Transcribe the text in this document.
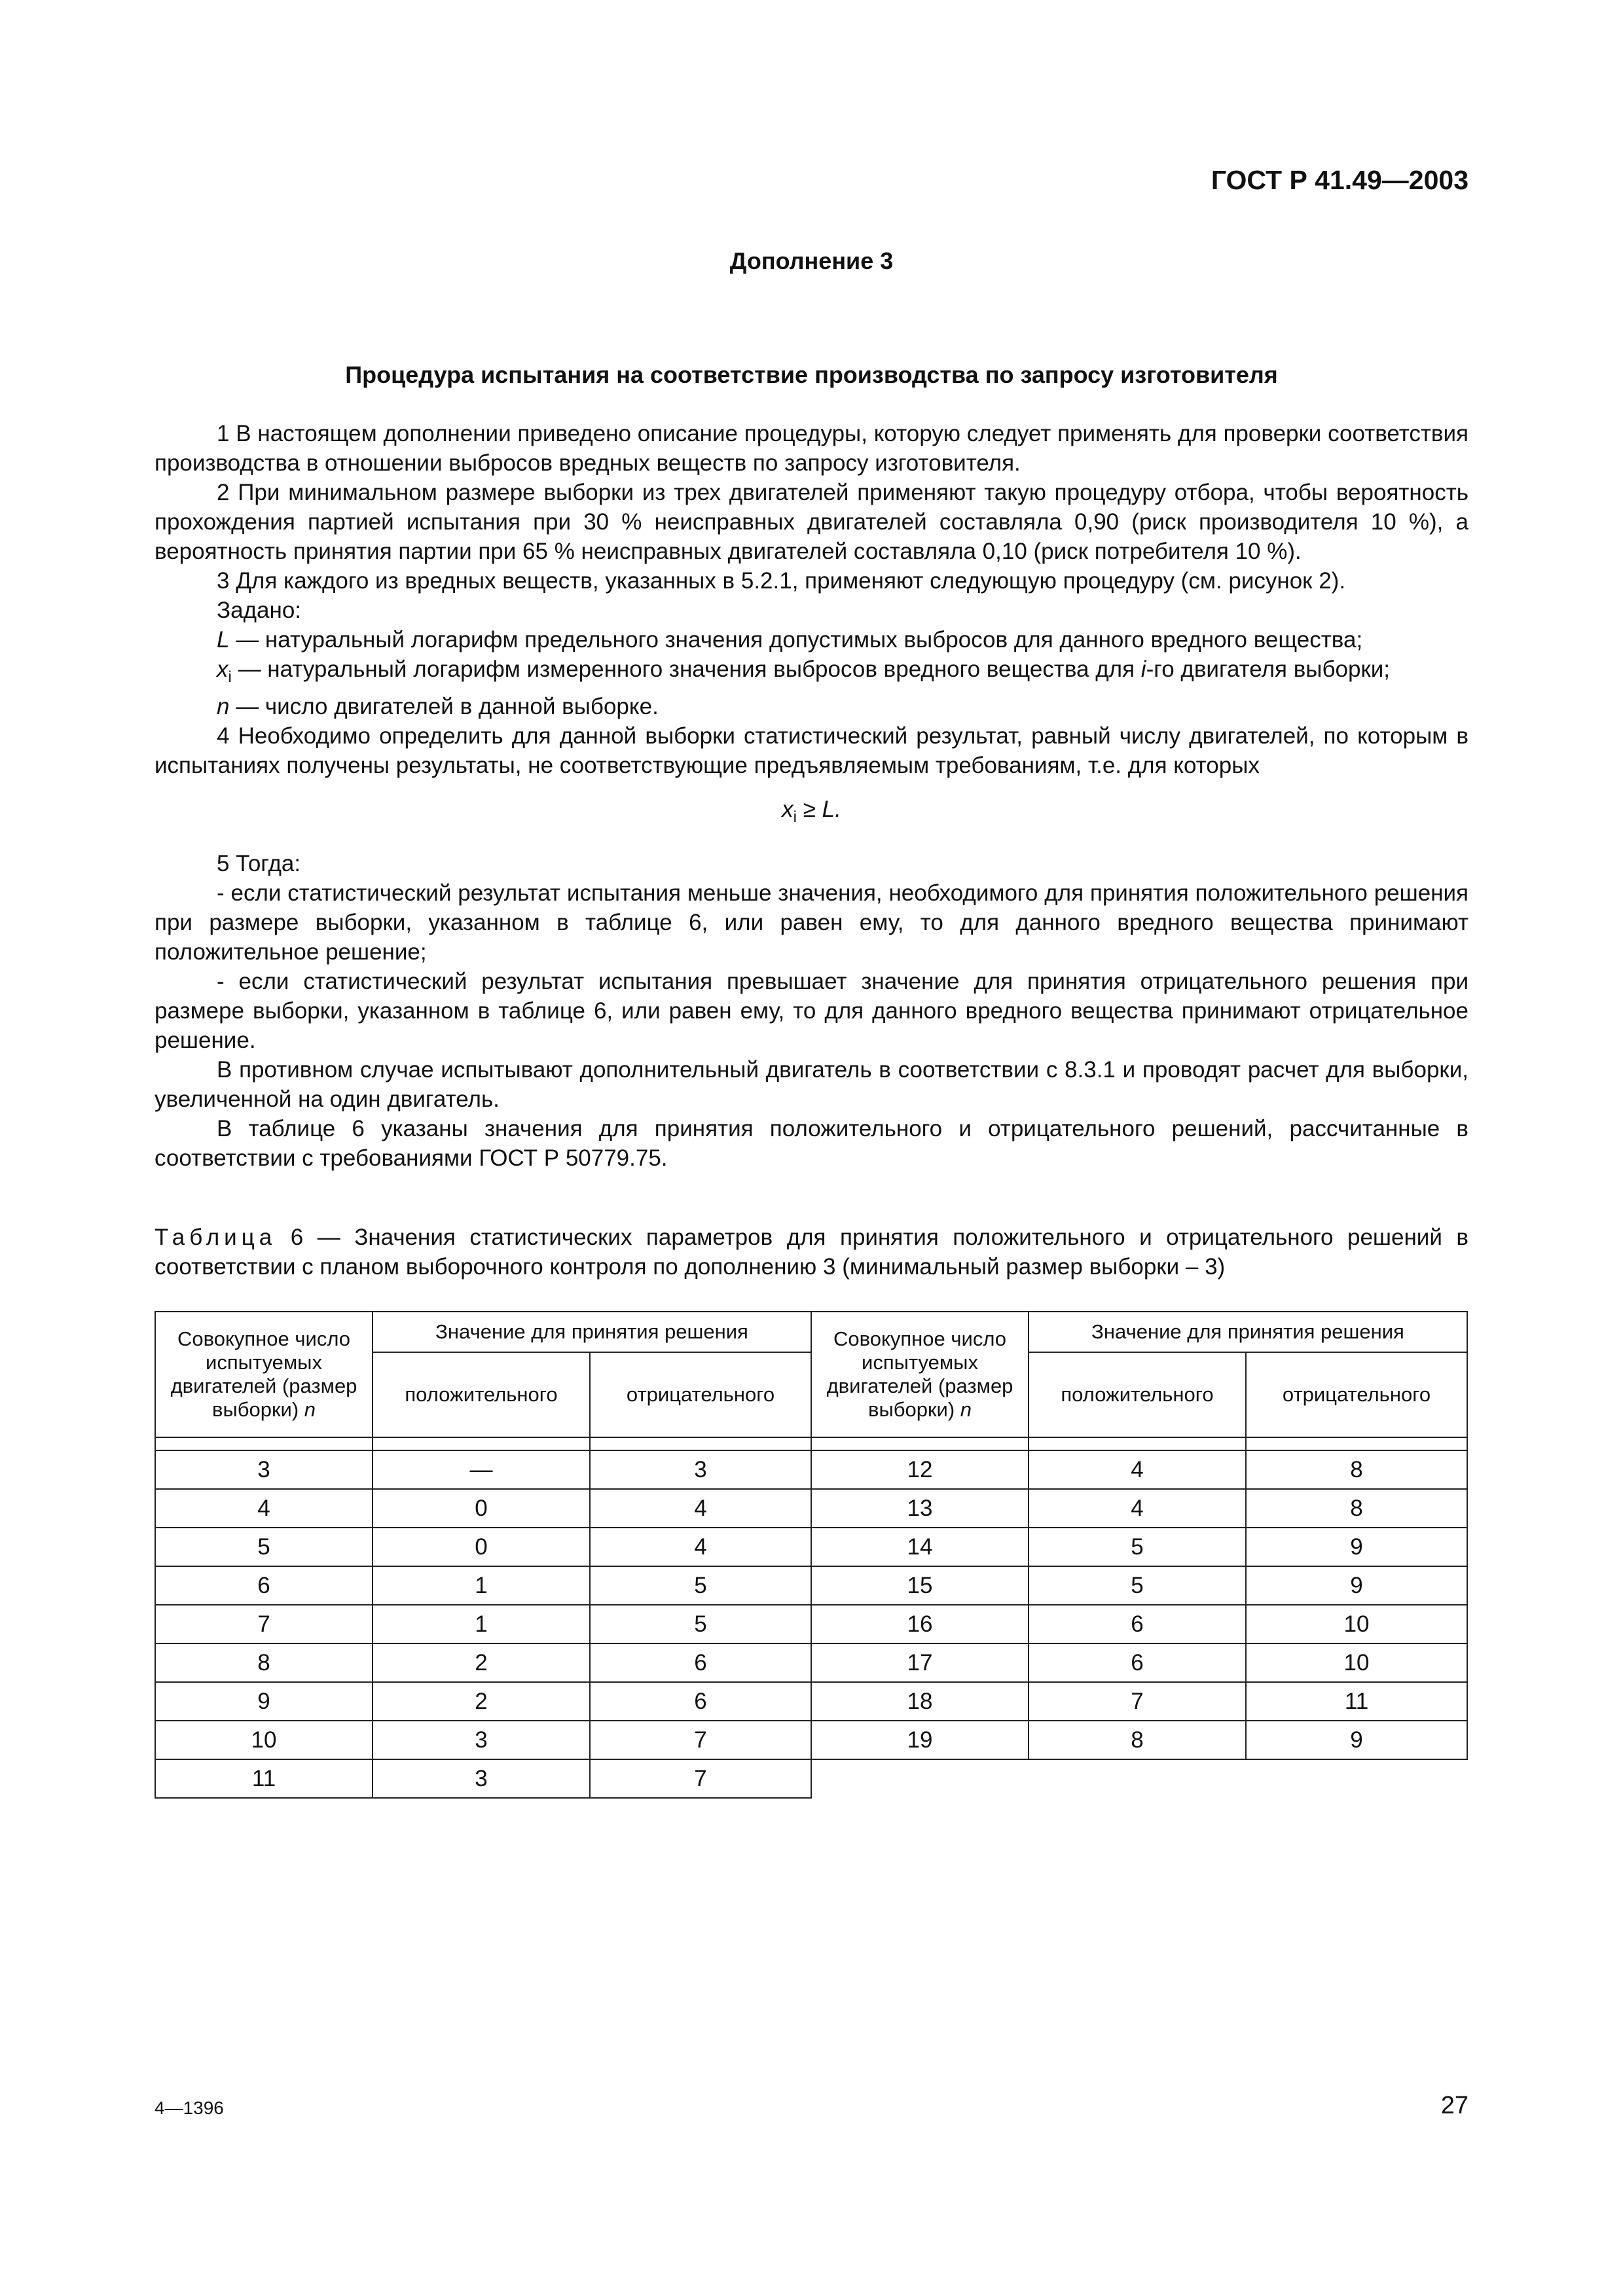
ГОСТ Р 41.49—2003
Дополнение 3
Процедура испытания на соответствие производства по запросу изготовителя

1 В настоящем дополнении приведено описание процедуры, которую следует применять для проверки соответствия производства в отношении выбросов вредных веществ по запросу изготовителя.

2 При минимальном размере выборки из трех двигателей применяют такую процедуру отбора, чтобы вероятность прохождения партией испытания при 30 % неисправных двигателей составляла 0,90 (риск производителя 10 %), а вероятность принятия партии при 65 % неисправных двигателей составляла 0,10 (риск потребителя 10 %).

3 Для каждого из вредных веществ, указанных в 5.2.1, применяют следующую процедуру (см. рисунок 2).

Задано:

L — натуральный логарифм предельного значения допустимых выбросов для данного вредного вещества;

$x_i$ — натуральный логарифм измеренного значения выбросов вредного вещества для i-го двигателя выборки;

n — число двигателей в данной выборке.

4 Необходимо определить для данной выборки статистический результат, равный числу двигателей, по которым в испытаниях получены результаты, не соответствующие предъявляемым требованиям, т.е. для которых

$x_i \ge L$.

5 Тогда:

- если статистический результат испытания меньше значения, необходимого для принятия положительного решения при размере выборки, указанном в таблице 6, или равен ему, то для данного вредного вещества принимают положительное решение;

- если статистический результат испытания превышает значение для принятия отрицательного решения при размере выборки, указанном в таблице 6, или равен ему, то для данного вредного вещества принимают отрицательное решение.

В противном случае испытывают дополнительный двигатель в соответствии с 8.3.1 и проводят расчет для выборки, увеличенной на один двигатель.

В таблице 6 указаны значения для принятия положительного и отрицательного решений, рассчитанные в соответствии с требованиями ГОСТ Р 50779.75.

Таблица 6 — Значения статистических параметров для принятия положительного и отрицательного решений в соответствии с планом выборочного контроля по дополнению 3 (минимальный размер выборки – 3)
Совокупное число испытуемых двигателей (размер выборки) n	Значение для принятия решения		Совокупное число испытуемых двигателей (размер выборки) n	Значение для принятия решения	
	положительного	отрицательного		положительного	отрицательного

3	—	3	12	4	8
4	0	4	13	4	8
5	0	4	14	5	9
6	1	5	15	5	9
7	1	5	16	6	10
8	2	6	17	6	10
9	2	6	18	7	11
10	3	7	19	8	9
11	3	7			
4—1396	27
